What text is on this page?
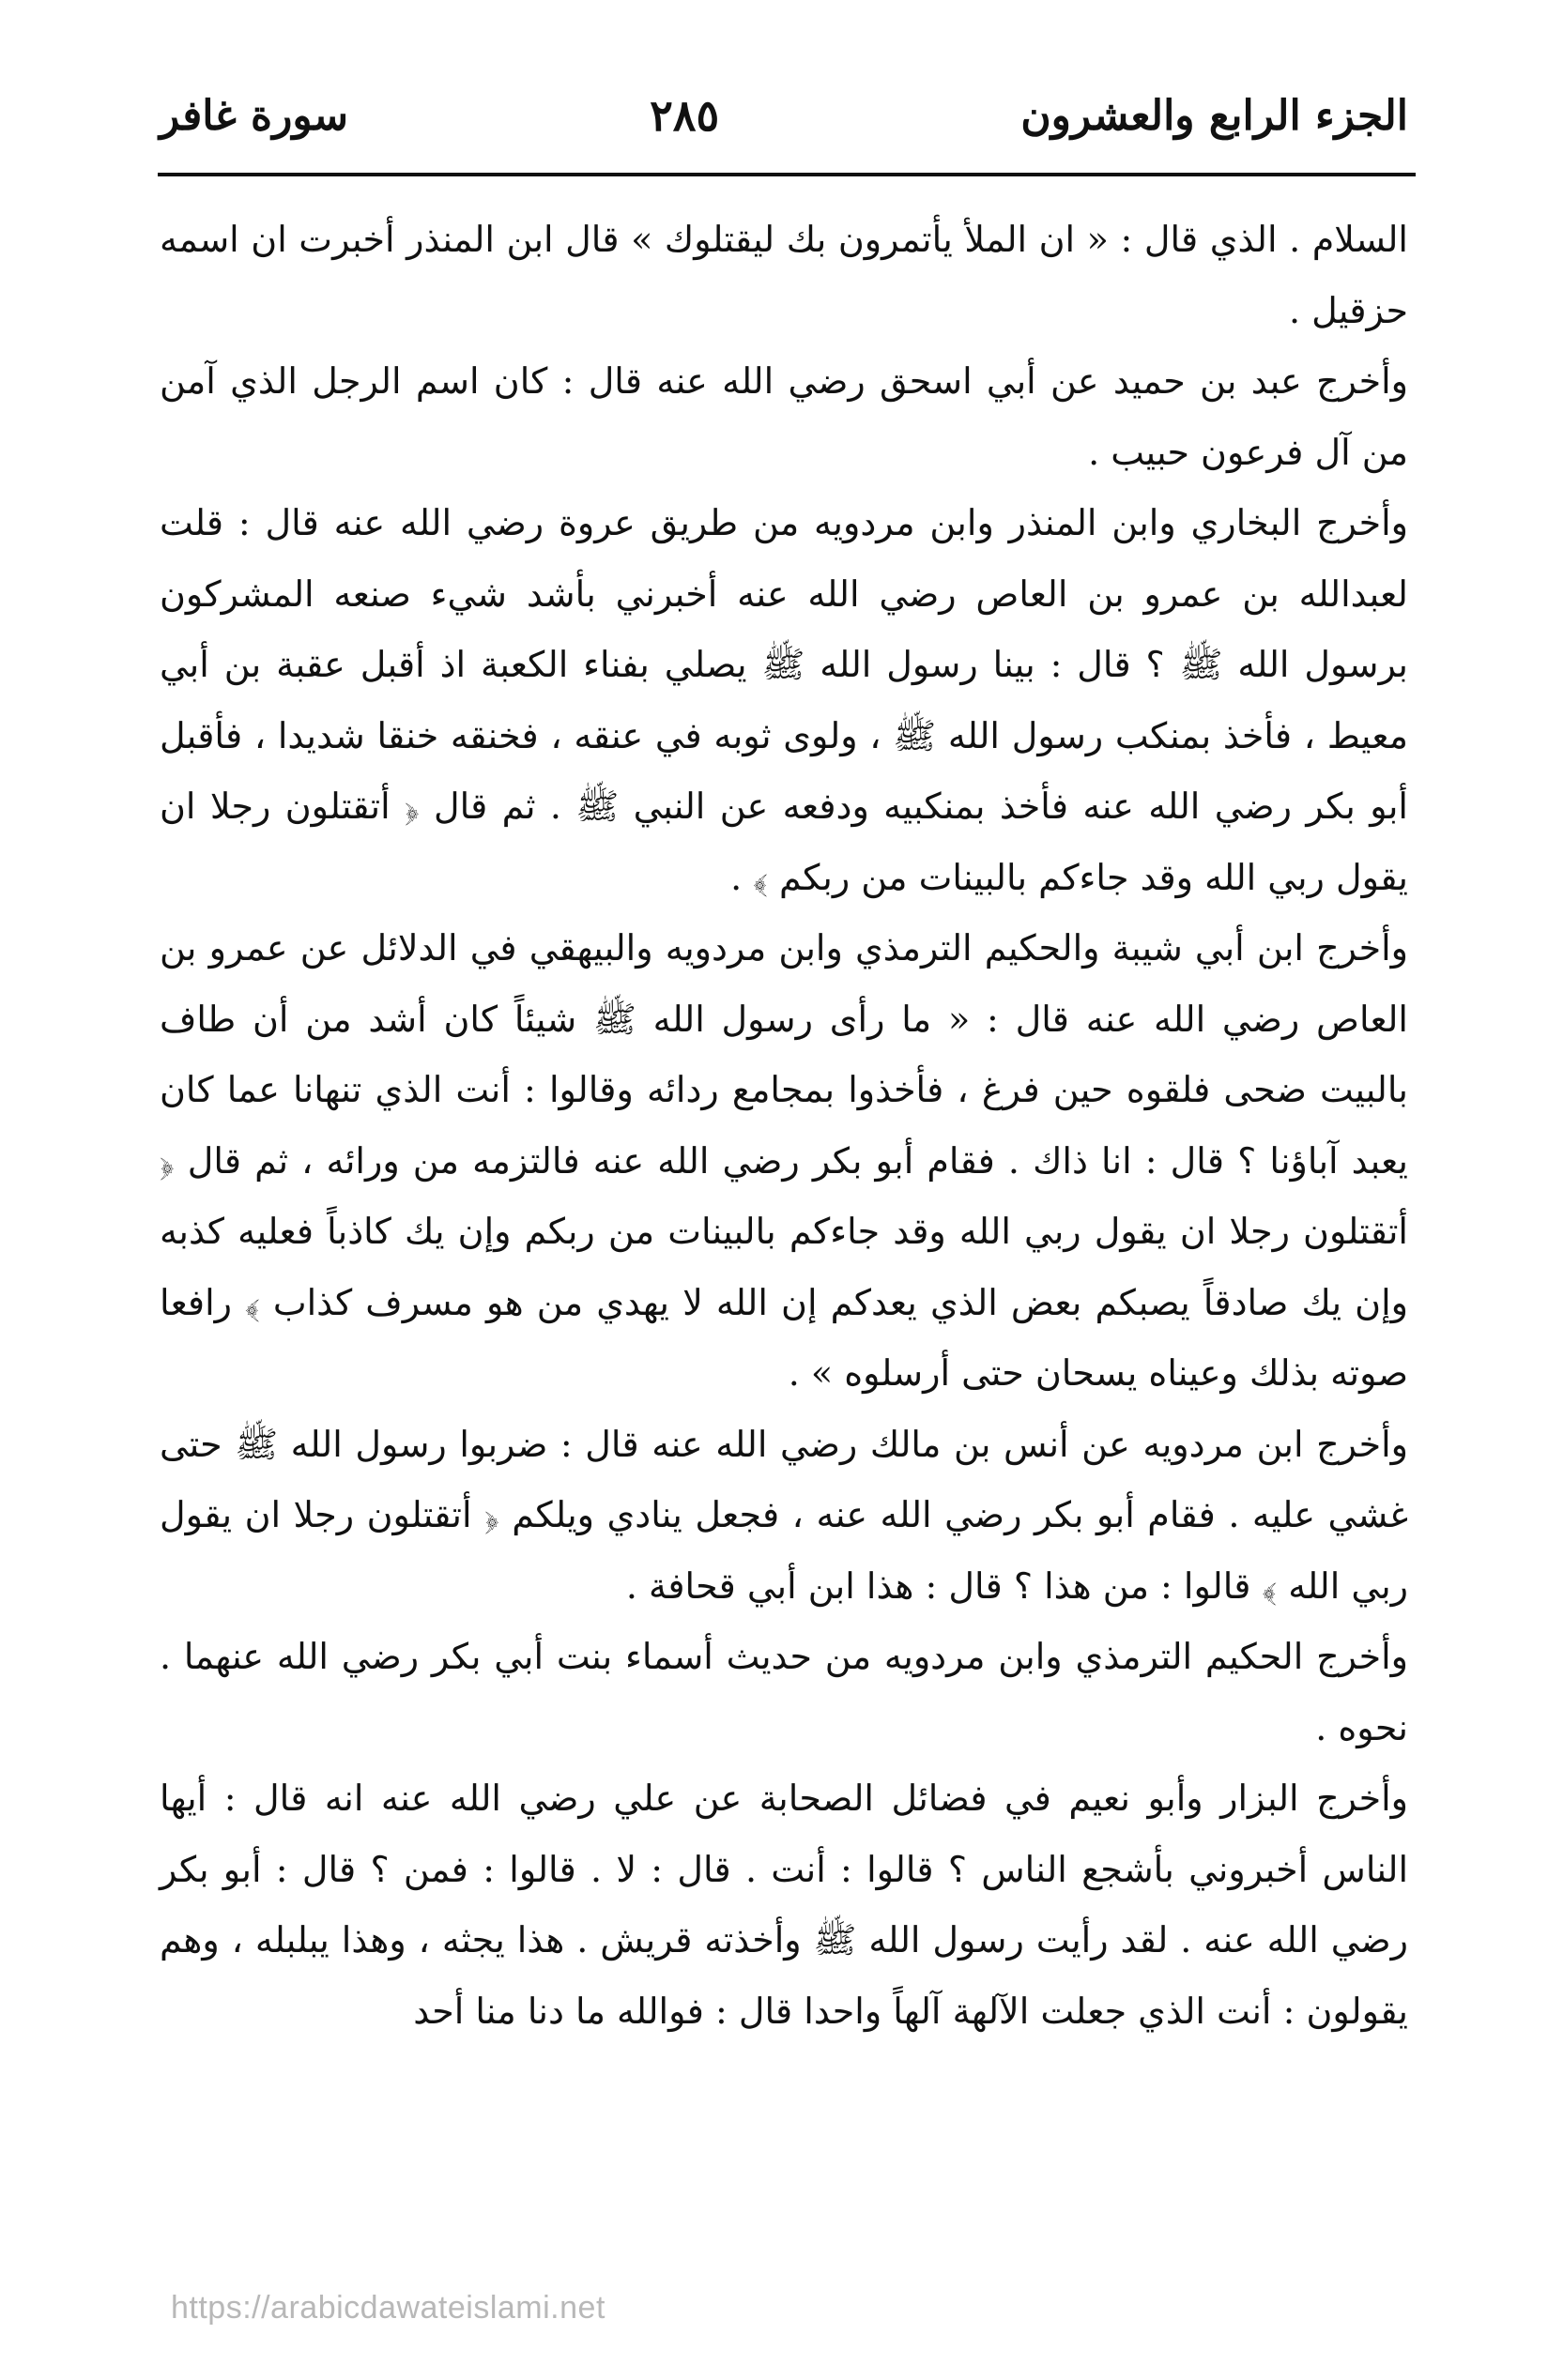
الجزء الرابع والعشرون
٢٨٥
سورة غافر

السلام . الذي قال : « ان الملأ يأتمرون بك ليقتلوك » قال ابن المنذر أخبرت ان اسمه حزقيل .

وأخرج عبد بن حميد عن أبي اسحق رضي الله عنه قال : كان اسم الرجل الذي آمن من آل فرعون حبيب .

وأخرج البخاري وابن المنذر وابن مردويه من طريق عروة رضي الله عنه قال : قلت لعبدالله بن عمرو بن العاص رضي الله عنه أخبرني بأشد شيء صنعه المشركون برسول الله ﷺ ؟ قال : بينا رسول الله ﷺ يصلي بفناء الكعبة اذ أقبل عقبة بن أبي معيط ، فأخذ بمنكب رسول الله ﷺ ، ولوى ثوبه في عنقه ، فخنقه خنقا شديدا ، فأقبل أبو بكر رضي الله عنه فأخذ بمنكبيه ودفعه عن النبي ﷺ . ثم قال ﴿ أتقتلون رجلا ان يقول ربي الله وقد جاءكم بالبينات من ربكم ﴾ .

وأخرج ابن أبي شيبة والحكيم الترمذي وابن مردويه والبيهقي في الدلائل عن عمرو بن العاص رضي الله عنه قال : « ما رأى رسول الله ﷺ شيئاً كان أشد من أن طاف بالبيت ضحى فلقوه حين فرغ ، فأخذوا بمجامع ردائه وقالوا : أنت الذي تنهانا عما كان يعبد آباؤنا ؟ قال : انا ذاك . فقام أبو بكر رضي الله عنه فالتزمه من ورائه ، ثم قال ﴿ أتقتلون رجلا ان يقول ربي الله وقد جاءكم بالبينات من ربكم وإن يك كاذباً فعليه كذبه وإن يك صادقاً يصبكم بعض الذي يعدكم إن الله لا يهدي من هو مسرف كذاب ﴾ رافعا صوته بذلك وعيناه يسحان حتى أرسلوه » .

وأخرج ابن مردويه عن أنس بن مالك رضي الله عنه قال : ضربوا رسول الله ﷺ حتى غشي عليه . فقام أبو بكر رضي الله عنه ، فجعل ينادي ويلكم ﴿ أتقتلون رجلا ان يقول ربي الله ﴾ قالوا : من هذا ؟ قال : هذا ابن أبي قحافة .

وأخرج الحكيم الترمذي وابن مردويه من حديث أسماء بنت أبي بكر رضي الله عنهما . نحوه .

وأخرج البزار وأبو نعيم في فضائل الصحابة عن علي رضي الله عنه انه قال : أيها الناس أخبروني بأشجع الناس ؟ قالوا : أنت . قال : لا . قالوا : فمن ؟ قال : أبو بكر رضي الله عنه . لقد رأيت رسول الله ﷺ وأخذته قريش . هذا يجثه ، وهذا يبلبله ، وهم يقولون : أنت الذي جعلت الآلهة آلهاً واحدا قال : فوالله ما دنا منا أحد

https://arabicdawateislami.net
